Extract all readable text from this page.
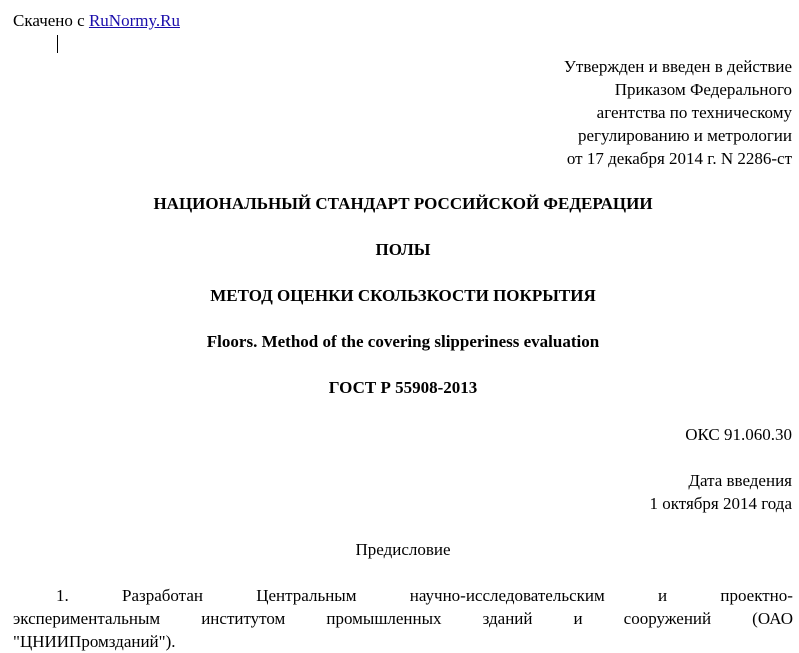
Скачено с RuNormy.Ru
Утвержден и введен в действие
Приказом Федерального
агентства по техническому
регулированию и метрологии
от 17 декабря 2014 г. N 2286-ст
НАЦИОНАЛЬНЫЙ СТАНДАРТ РОССИЙСКОЙ ФЕДЕРАЦИИ
ПОЛЫ
МЕТОД ОЦЕНКИ СКОЛЬЗКОСТИ ПОКРЫТИЯ
Floors. Method of the covering slipperiness evaluation
ГОСТ Р 55908-2013
ОКС 91.060.30
Дата введения
1 октября 2014 года
Предисловие
1.	Разработан	Центральным	научно-исследовательским	и	проектно-
экспериментальным институтом промышленных зданий и сооружений (ОАО
"ЦНИИПромзданий").
